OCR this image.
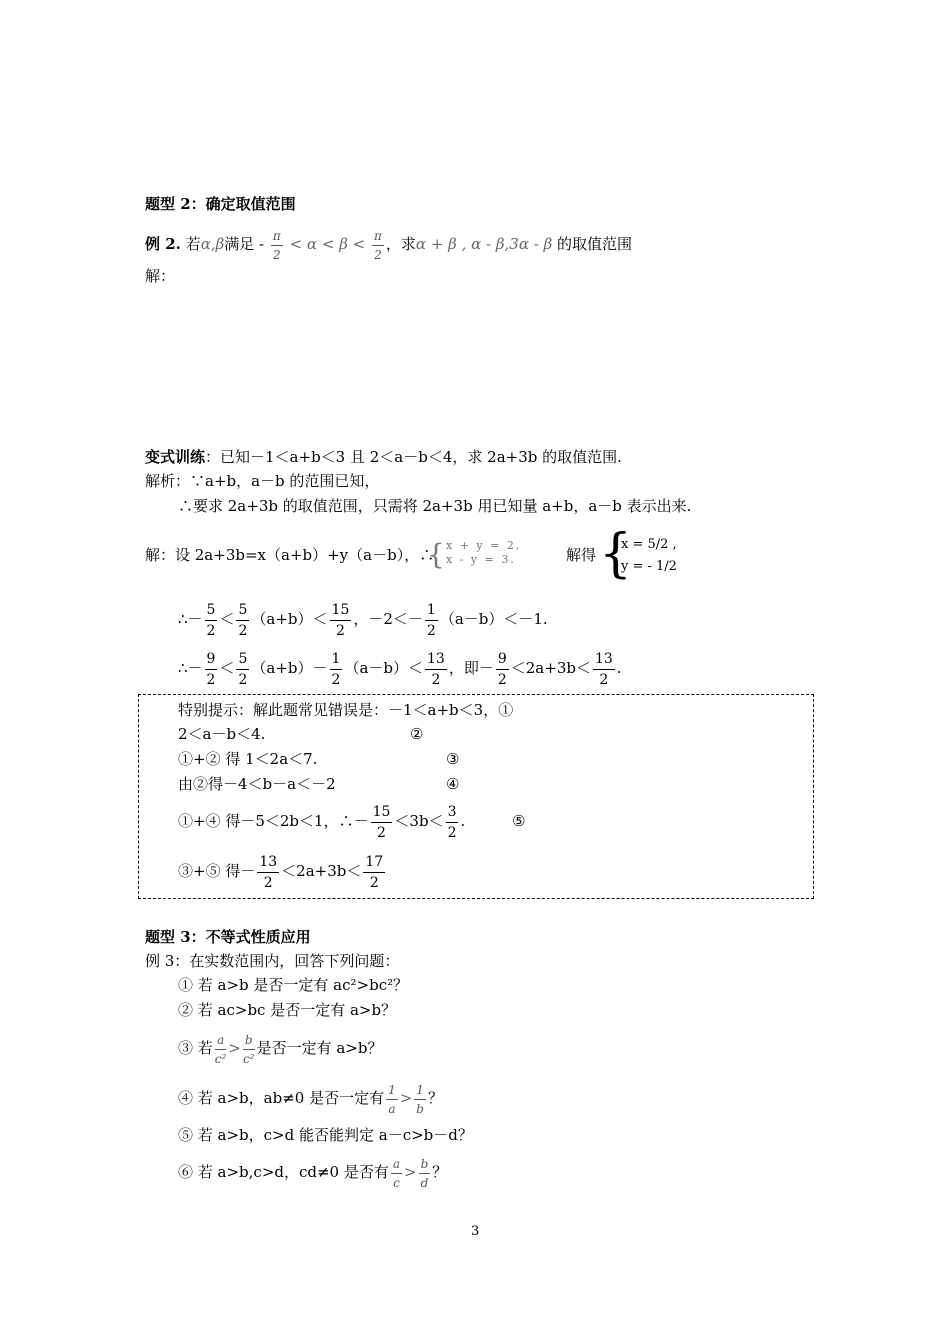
题型 2：确定取值范围
例 2. 若α,β满足 - $\frac{\pi}{2} < \alpha < \beta < \frac{\pi}{2}$ ，求α + β , α - β,3α - β 的取值范围
解：
变式训练：已知－1＜a+b＜3 且 2＜a－b＜4，求 2a+3b 的取值范围.
解析：∵a+b，a－b 的范围已知，
∴要求 2a+3b 的取值范围，只需将 2a+3b 用已知量 a+b，a－b 表示出来.
解：设 2a+3b=x（a+b）+y（a－b），∴
{ x + y = 2,
x - y = 3.	解得 {
x = 5/2 ,
y = - 1/2
∴－ $\frac{5}{2} < \frac{5}{2} (a+b)< \frac{15}{2}$ ，$-2<- \frac{1}{2} (a-b)<-1$.
∴－ $\frac{9}{2} < \frac{5}{2} (a+b)- \frac{1}{2} (a-b)< \frac{13}{2}$ ，即－ $\frac{9}{2} <2a+3b< \frac{13}{2}$ .
特别提示：解此题常见错误是：－1＜a+b＜3，①
2＜a－b＜4.	②
①+② 得 1＜2a＜7.	③
由②得－4＜b－a＜－2	④
①+④ 得－5＜2b＜1，∴－ $\frac{15}{2} <3b< \frac{3}{2}$ .	⑤
③+⑤ 得－ $\frac{13}{2} <2a+3b< \frac{17}{2}$
题型 3：不等式性质应用
例 3：在实数范围内，回答下列问题：
① 若 a>b 是否一定有 ac²>bc²？
② 若 ac>bc 是否一定有 a>b？
③ 若 $\frac{a}{\text{c²}} > \frac{b}{\text{c²}}$ 是否一定有 a>b？
④ 若 a>b，ab≠0 是否一定有 $\frac{1}{a} > \frac{1}{b}$ ？
⑤ 若 a>b，c>d 能否能判定 a－c>b－d？
⑥ 若 a>b,c>d，cd≠0 是否有 $\frac{a}{c} > \frac{b}{d}$ ？
3
